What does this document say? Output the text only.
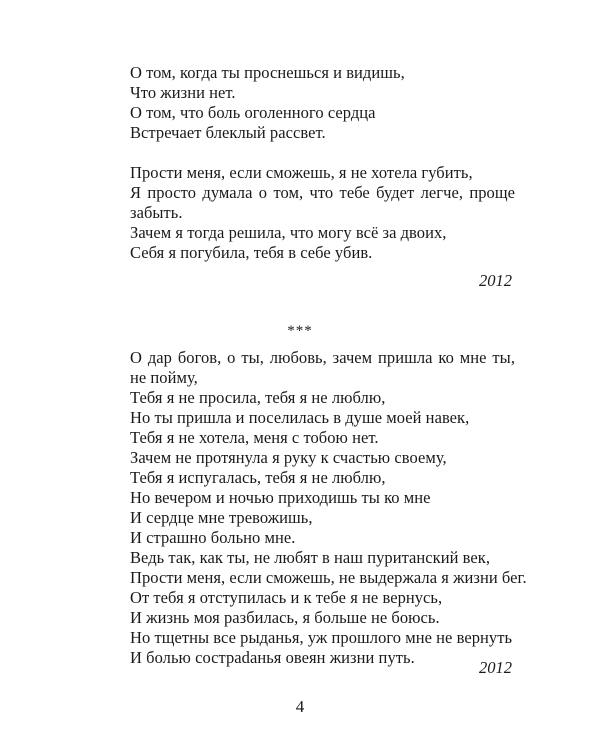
О том, когда ты проснешься и видишь,
Что жизни нет.
О том, что боль оголенного сердца
Встречает блеклый рассвет.
Прости меня, если сможешь, я не хотела губить,
Я просто думала о том, что тебе будет легче, проще
забыть.
Зачем я тогда решила, что могу всё за двоих,
Себя я погубила, тебя в себе убив.
2012
***
О дар богов, о ты, любовь, зачем пришла ко мне ты,
не пойму,
Тебя я не просила, тебя я не люблю,
Но ты пришла и поселилась в душе моей навек,
Тебя я не хотела, меня с тобою нет.
Зачем не протянула я руку к счастью своему,
Тебя я испугалась, тебя я не люблю,
Но вечером и ночью приходишь ты ко мне
И сердце мне тревожишь,
И страшно больно мне.
Ведь так, как ты, не любят в наш пуританский век,
Прости меня, если сможешь, не выдержала я жизни бег.
От тебя я отступилась и к тебе я не вернусь,
И жизнь моя разбилась, я больше не боюсь.
Но тщетны все рыданья, уж прошлого мне не вернуть
И болью сострadанья овеян жизни путь.
2012
4
